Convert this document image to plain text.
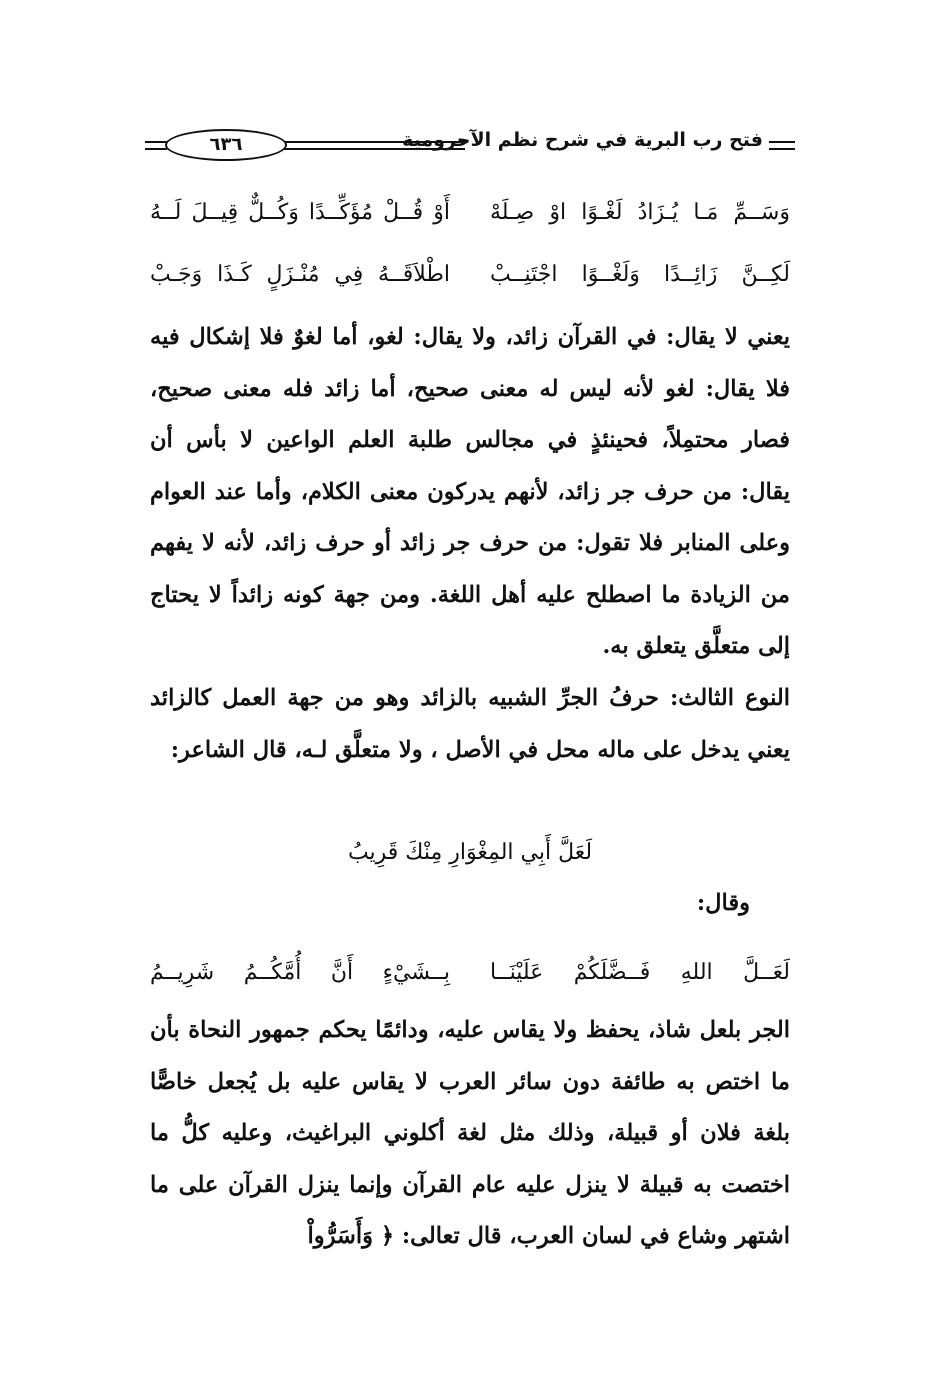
فتح رب البرية في شرح نظم الآجرومية
٦٣٦
وَسَــمِّ مَـا يُـزَادُ لَغْـوًا اوْ صِـلَهْ
أَوْ قُــلْ مُؤَكِّــدًا وَكُــلٌّ قِيــلَ لَــهُ
لَكِــنَّ زَائِــدًا وَلَغْــوًا اجْتَنِــبْ
اطْلاَقَــهُ فِي مُنْـزَلٍ كَـذَا وَجَـبْ
يعني لا يقال: في القرآن زائد، ولا يقال: لغو، أما لغوٌ فلا إشكال فيه فلا يقال: لغو لأنه ليس له معنى صحيح، أما زائد فله معنى صحيح، فصار محتمِلاً، فحينئذٍ في مجالس طلبة العلم الواعين لا بأس أن يقال: من حرف جر زائد، لأنهم يدركون معنى الكلام، وأما عند العوام وعلى المنابر فلا تقول: من حرف جر زائد أو حرف زائد، لأنه لا يفهم من الزيادة ما اصطلح عليه أهل اللغة. ومن جهة كونه زائداً لا يحتاج إلى متعلَّق يتعلق به.
النوع الثالث: حرفُ الجرِّ الشبيه بالزائد وهو من جهة العمل كالزائد يعني يدخل على ماله محل في الأصل ، ولا متعلَّق لـه، قال الشاعر:
لَعَلَّ أَبِي المِغْوَارِ مِنْكَ قَرِيبُ
وقال:
لَعَــلَّ اللهِ فَــضَّلَكُمْ عَلَيْنَــا
بِــشَيْءٍ أَنَّ أُمَّكُــمُ شَرِيــمُ
الجر بلعل شاذ، يحفظ ولا يقاس عليه، ودائمًا يحكم جمهور النحاة بأن ما اختص به طائفة دون سائر العرب لا يقاس عليه بل يُجعل خاصًّا بلغة فلان أو قبيلة، وذلك مثل لغة أكلوني البراغيث، وعليه كلُّ ما اختصت به قبيلة لا ينزل عليه عام القرآن وإنما ينزل القرآن على ما اشتهر وشاع في لسان العرب، قال تعالى: ﴿ وَأَسَرُّواْ
